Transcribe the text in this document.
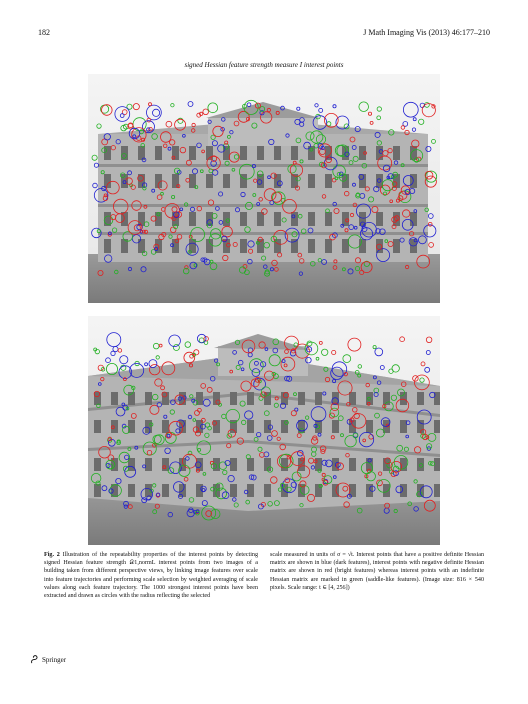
182	J Math Imaging Vis (2013) 46:177–210
signed Hessian feature strength measure I interest points
Fig. 2 Illustration of the repeatability properties of the interest points by detecting signed Hessian feature strength 𝒟1,normL interest points from two images of a building taken from different perspective views, by linking image features over scale into feature trajectories and performing scale selection by weighted averaging of scale values along each feature trajectory. The 1000 strongest interest points have been extracted and drawn as circles with the radius reflecting the selected
scale measured in units of σ = √t. Interest points that have a positive definite Hessian matrix are shown in blue (dark features), interest points with negative definite Hessian matrix are shown in red (bright features) whereas interest points with an indefinite Hessian matrix are marked in green (saddle-like features). (Image size: 816 × 540 pixels. Scale range: t ∈ [4, 256])
Springer
